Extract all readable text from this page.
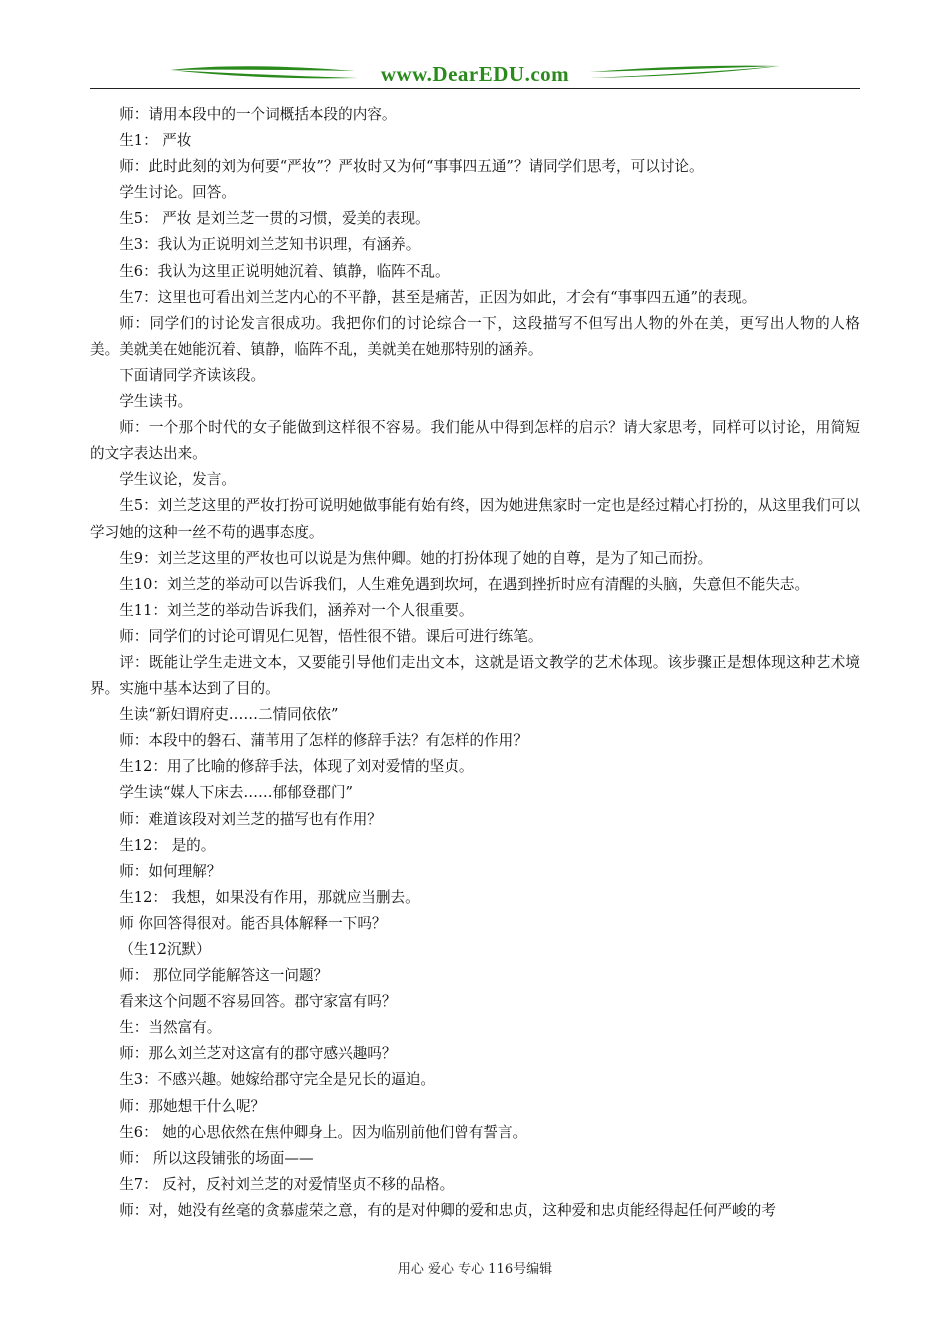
www.DearEDU.com

师：请用本段中的一个词概括本段的内容。

生1： 严妆

师：此时此刻的刘为何要“严妆”？严妆时又为何“事事四五通”？请同学们思考，可以讨论。

学生讨论。回答。

生5： 严妆 是刘兰芝一贯的习惯，爱美的表现。

生3：我认为正说明刘兰芝知书识理，有涵养。

生6：我认为这里正说明她沉着、镇静，临阵不乱。

生7：这里也可看出刘兰芝内心的不平静，甚至是痛苦，正因为如此，才会有“事事四五通”的表现。

师：同学们的讨论发言很成功。我把你们的讨论综合一下，这段描写不但写出人物的外在美，更写出人物的人格美。美就美在她能沉着、镇静，临阵不乱，美就美在她那特别的涵养。

下面请同学齐读该段。

学生读书。

师：一个那个时代的女子能做到这样很不容易。我们能从中得到怎样的启示？请大家思考，同样可以讨论，用简短的文字表达出来。

学生议论，发言。

生5：刘兰芝这里的严妆打扮可说明她做事能有始有终，因为她进焦家时一定也是经过精心打扮的，从这里我们可以学习她的这种一丝不苟的遇事态度。

生9：刘兰芝这里的严妆也可以说是为焦仲卿。她的打扮体现了她的自尊，是为了知己而扮。

生10：刘兰芝的举动可以告诉我们，人生难免遇到坎坷，在遇到挫折时应有清醒的头脑，失意但不能失志。

生11：刘兰芝的举动告诉我们，涵养对一个人很重要。

师：同学们的讨论可谓见仁见智，悟性很不错。课后可进行练笔。

评：既能让学生走进文本，又要能引导他们走出文本，这就是语文教学的艺术体现。该步骤正是想体现这种艺术境界。实施中基本达到了目的。

生读“新妇谓府吏……二情同依依”

师：本段中的磐石、蒲苇用了怎样的修辞手法？有怎样的作用？

生12：用了比喻的修辞手法，体现了刘对爱情的坚贞。

学生读“媒人下床去……郁郁登郡门”

师：难道该段对刘兰芝的描写也有作用？

生12： 是的。

师：如何理解？

生12： 我想，如果没有作用，那就应当删去。

师 你回答得很对。能否具体解释一下吗？

（生12沉默）

师： 那位同学能解答这一问题？

看来这个问题不容易回答。郡守家富有吗？

生：当然富有。

师：那么刘兰芝对这富有的郡守感兴趣吗？

生3：不感兴趣。她嫁给郡守完全是兄长的逼迫。

师：那她想干什么呢？

生6： 她的心思依然在焦仲卿身上。因为临别前他们曾有誓言。

师： 所以这段铺张的场面——

生7： 反衬，反衬刘兰芝的对爱情坚贞不移的品格。

师：对，她没有丝毫的贪慕虚荣之意，有的是对仲卿的爱和忠贞，这种爱和忠贞能经得起任何严峻的考

用心 爱心 专心 116号编辑
